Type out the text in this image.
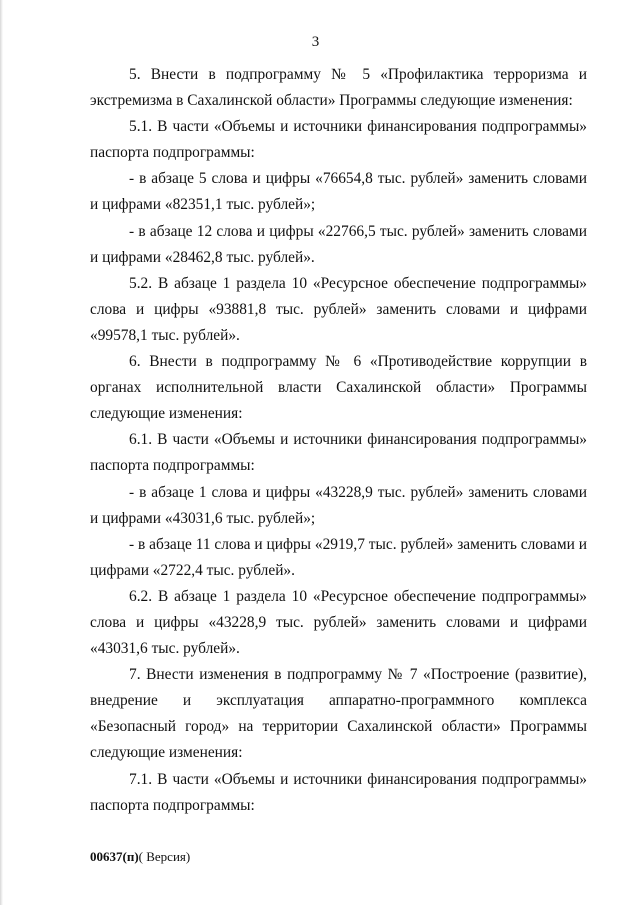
3

5. Внести в подпрограмму № 5 «Профилактика терроризма и экстремизма в Сахалинской области» Программы следующие изменения:

5.1. В части «Объемы и источники финансирования подпрограммы» паспорта подпрограммы:

- в абзаце 5 слова и цифры «76654,8 тыс. рублей» заменить словами и цифрами «82351,1 тыс. рублей»;

- в абзаце 12 слова и цифры «22766,5 тыс. рублей» заменить словами и цифрами «28462,8 тыс. рублей».

5.2. В абзаце 1 раздела 10 «Ресурсное обеспечение подпрограммы» слова и цифры «93881,8 тыс. рублей» заменить словами и цифрами «99578,1 тыс. рублей».

6. Внести в подпрограмму № 6 «Противодействие коррупции в органах исполнительной власти Сахалинской области» Программы следующие изменения:

6.1. В части «Объемы и источники финансирования подпрограммы» паспорта подпрограммы:

- в абзаце 1 слова и цифры «43228,9 тыс. рублей» заменить словами и цифрами «43031,6 тыс. рублей»;

- в абзаце 11 слова и цифры «2919,7 тыс. рублей» заменить словами и цифрами «2722,4 тыс. рублей».

6.2. В абзаце 1 раздела 10 «Ресурсное обеспечение подпрограммы» слова и цифры «43228,9 тыс. рублей» заменить словами и цифрами «43031,6 тыс. рублей».

7. Внести изменения в подпрограмму № 7 «Построение (развитие), внедрение и эксплуатация аппаратно-программного комплекса «Безопасный город» на территории Сахалинской области» Программы следующие изменения:

7.1. В части «Объемы и источники финансирования подпрограммы» паспорта подпрограммы:

00637(п)( Версия)
